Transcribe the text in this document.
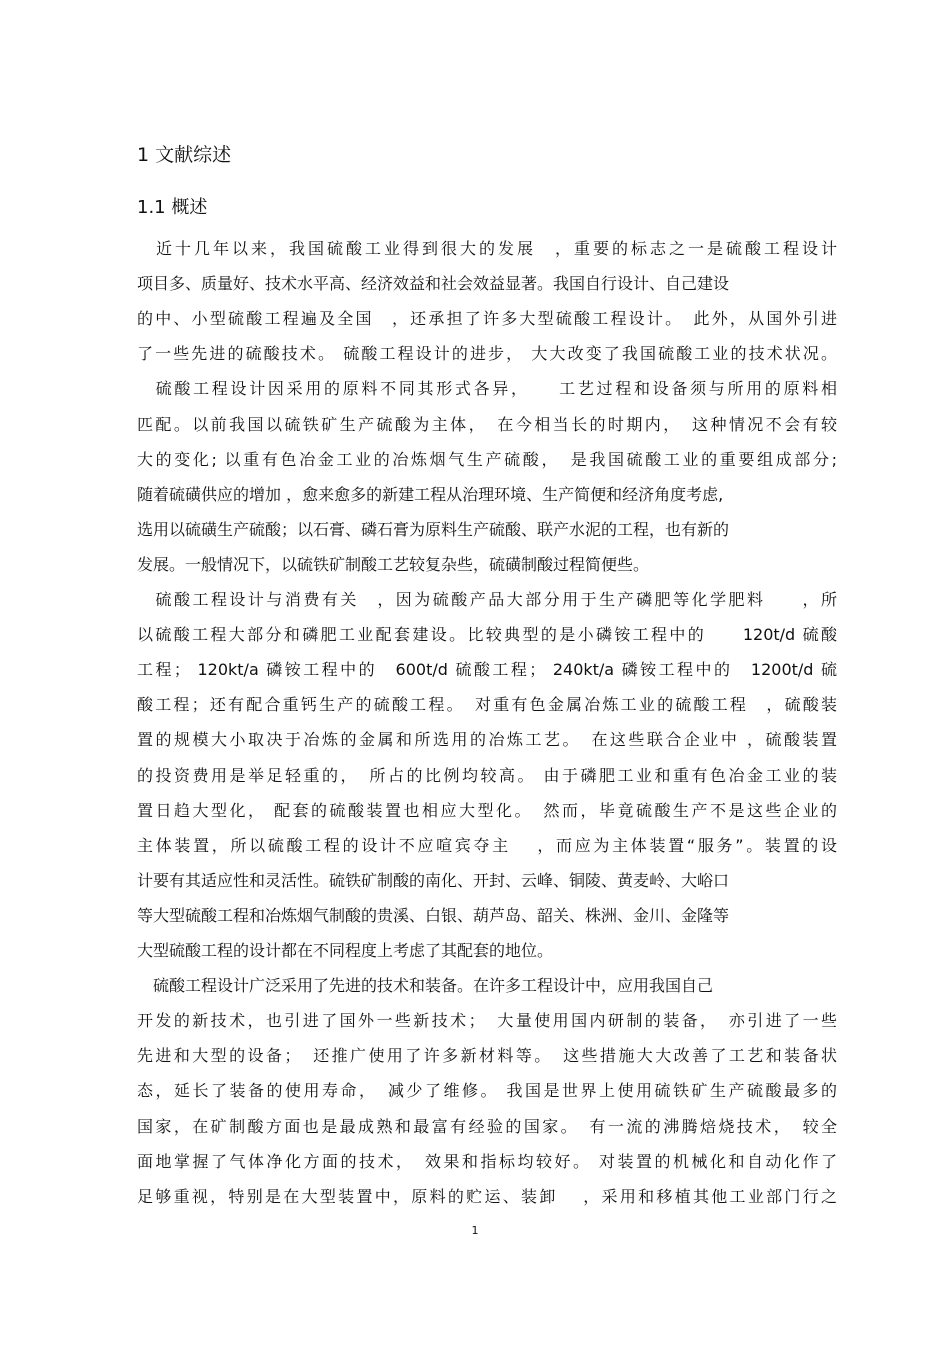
1 文献综述
1.1 概述
　近十几年以来，我国硫酸工业得到很大的发展　，重要的标志之一是硫酸工程设计
项目多、质量好、技术水平高、经济效益和社会效益显著。我国自行设计、自己建设
的中、小型硫酸工程遍及全国　，还承担了许多大型硫酸工程设计。　此外，从国外引进
了一些先进的硫酸技术。 硫酸工程设计的进步， 大大改变了我国硫酸工业的技术状况。
　硫酸工程设计因采用的原料不同其形式各异，　　工艺过程和设备须与所用的原料相
匹配。以前我国以硫铁矿生产硫酸为主体，　在今相当长的时期内，　这种情况不会有较
大的变化; 以重有色冶金工业的冶炼烟气生产硫酸，　是我国硫酸工业的重要组成部分;
随着硫磺供应的增加 ，愈来愈多的新建工程从治理环境、生产简便和经济角度考虑,
选用以硫磺生产硫酸；以石膏、磷石膏为原料生产硫酸、联产水泥的工程，也有新的
发展。一般情况下，以硫铁矿制酸工艺较复杂些，硫磺制酸过程简便些。
　硫酸工程设计与消费有关　，因为硫酸产品大部分用于生产磷肥等化学肥料　　，所
以硫酸工程大部分和磷肥工业配套建设。比较典型的是小磷铵工程中的　　120t/d 硫酸
工程； 120kt/a 磷铵工程中的　600t/d 硫酸工程； 240kt/a 磷铵工程中的　1200t/d 硫
酸工程；还有配合重钙生产的硫酸工程。　对重有色金属冶炼工业的硫酸工程　，硫酸装
置的规模大小取决于冶炼的金属和所选用的冶炼工艺。　在这些联合企业中 ，硫酸装置
的投资费用是举足轻重的，　所占的比例均较高。 由于磷肥工业和重有色冶金工业的装
置日趋大型化， 配套的硫酸装置也相应大型化。　然而，毕竟硫酸生产不是这些企业的
主体装置，所以硫酸工程的设计不应喧宾夺主　 ，而应为主体装置“服务”。装置的设
计要有其适应性和灵活性。硫铁矿制酸的南化、开封、云峰、铜陵、黄麦岭、大峪口
等大型硫酸工程和冶炼烟气制酸的贵溪、白银、葫芦岛、韶关、株洲、金川、金隆等
大型硫酸工程的设计都在不同程度上考虑了其配套的地位。
　硫酸工程设计广泛采用了先进的技术和装备。在许多工程设计中，应用我国自己
开发的新技术，也引进了国外一些新技术；　大量使用国内研制的装备，　亦引进了一些
先进和大型的设备；　还推广使用了许多新材料等。　这些措施大大改善了工艺和装备状
态，延长了装备的使用寿命，　减少了维修。 我国是世界上使用硫铁矿生产硫酸最多的
国家，在矿制酸方面也是最成熟和最富有经验的国家。　有一流的沸腾焙烧技术，　较全
面地掌握了气体净化方面的技术，　效果和指标均较好。 对装置的机械化和自动化作了
足够重视，特别是在大型装置中，原料的贮运、装卸　 ，采用和移植其他工业部门行之
1
